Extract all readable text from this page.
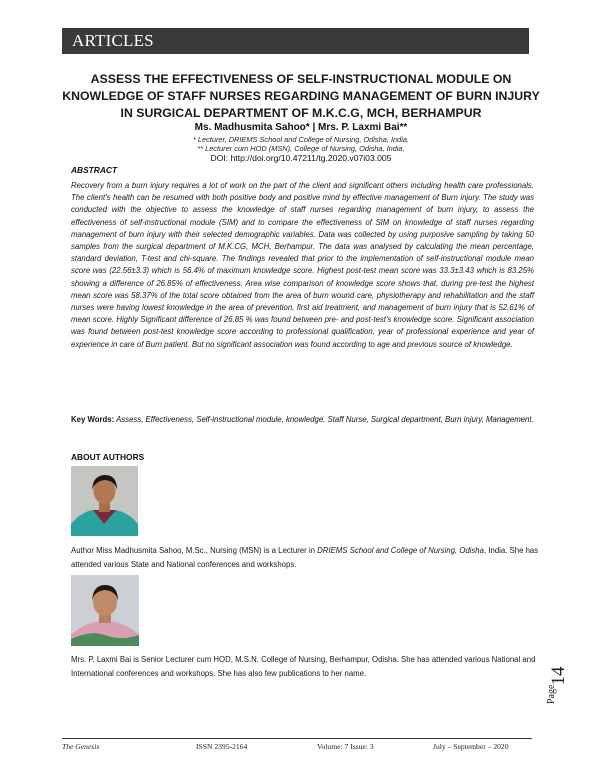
ARTICLES
ASSESS THE EFFECTIVENESS OF SELF-INSTRUCTIONAL MODULE ON KNOWLEDGE OF STAFF NURSES REGARDING MANAGEMENT OF BURN INJURY IN SURGICAL DEPARTMENT OF M.K.C.G, MCH, BERHAMPUR
Ms. Madhusmita Sahoo* | Mrs. P. Laxmi Bai**
* Lecturer, DRIEMS School and College of Nursing, Odisha, India.
** Lecturer cum HOD (MSN), College of Nursing, Odisha, India.
DOI: http://doi.org/10.47211/tg.2020.v07i03.005
ABSTRACT
Recovery from a burn injury requires a lot of work on the part of the client and significant others including health care professionals. The client's health can be resumed with both positive body and positive mind by effective management of Burn injury. The study was conducted with the objective to assess the knowledge of staff nurses regarding management of burn injury, to assess the effectiveness of self-instructional module (SIM) and to compare the effectiveness of SIM on knowledge of staff nurses regarding management of burn injury with their selected demographic variables. Data was collected by using purposive sampling by taking 50 samples from the surgical department of M.K.CG, MCH, Berhampur. The data was analysed by calculating the mean percentage, standard deviation, T-test and chi-square. The findings revealed that prior to the implementation of self-instructional module mean score was (22.56±3.3) which is 56.4% of maximum knowledge score. Highest post-test mean score was 33.3±3.43 which is 83.25% showing a difference of 26.85% of effectiveness. Area wise comparison of knowledge score shows that, during pre-test the highest mean score was 58.37% of the total score obtained from the area of burn wound care, physiotherapy and rehabilitation and the staff nurses were having lowest knowledge in the area of prevention, first aid treatment, and management of burn injury that is 52.61% of mean score. Highly Significant difference of 26.85 % was found between pre- and post-test's knowledge score. Significant association was found between post-test knowledge score according to professional qualification, year of professional experience and year of experience in care of Burn patient. But no significant association was found according to age and previous source of knowledge.
Key Words: Assess, Effectiveness, Self-instructional module, knowledge, Staff Nurse, Surgical department, Burn injury, Management.
ABOUT AUTHORS
Author Miss Madhusmita Sahoo, M.Sc., Nursing (MSN) is a Lecturer in DRIEMS School and College of Nursing, Odisha, India. She has attended various State and National conferences and workshops.
Mrs. P. Laxmi Bai is Senior Lecturer cum HOD, M.S.N. College of Nursing, Berhampur, Odisha. She has attended various National and International conferences and workshops. She has also few publications to her name.	14
Page
The Genesis	ISSN 2395-2164	Volume: 7 Issue: 3	July – September – 2020
